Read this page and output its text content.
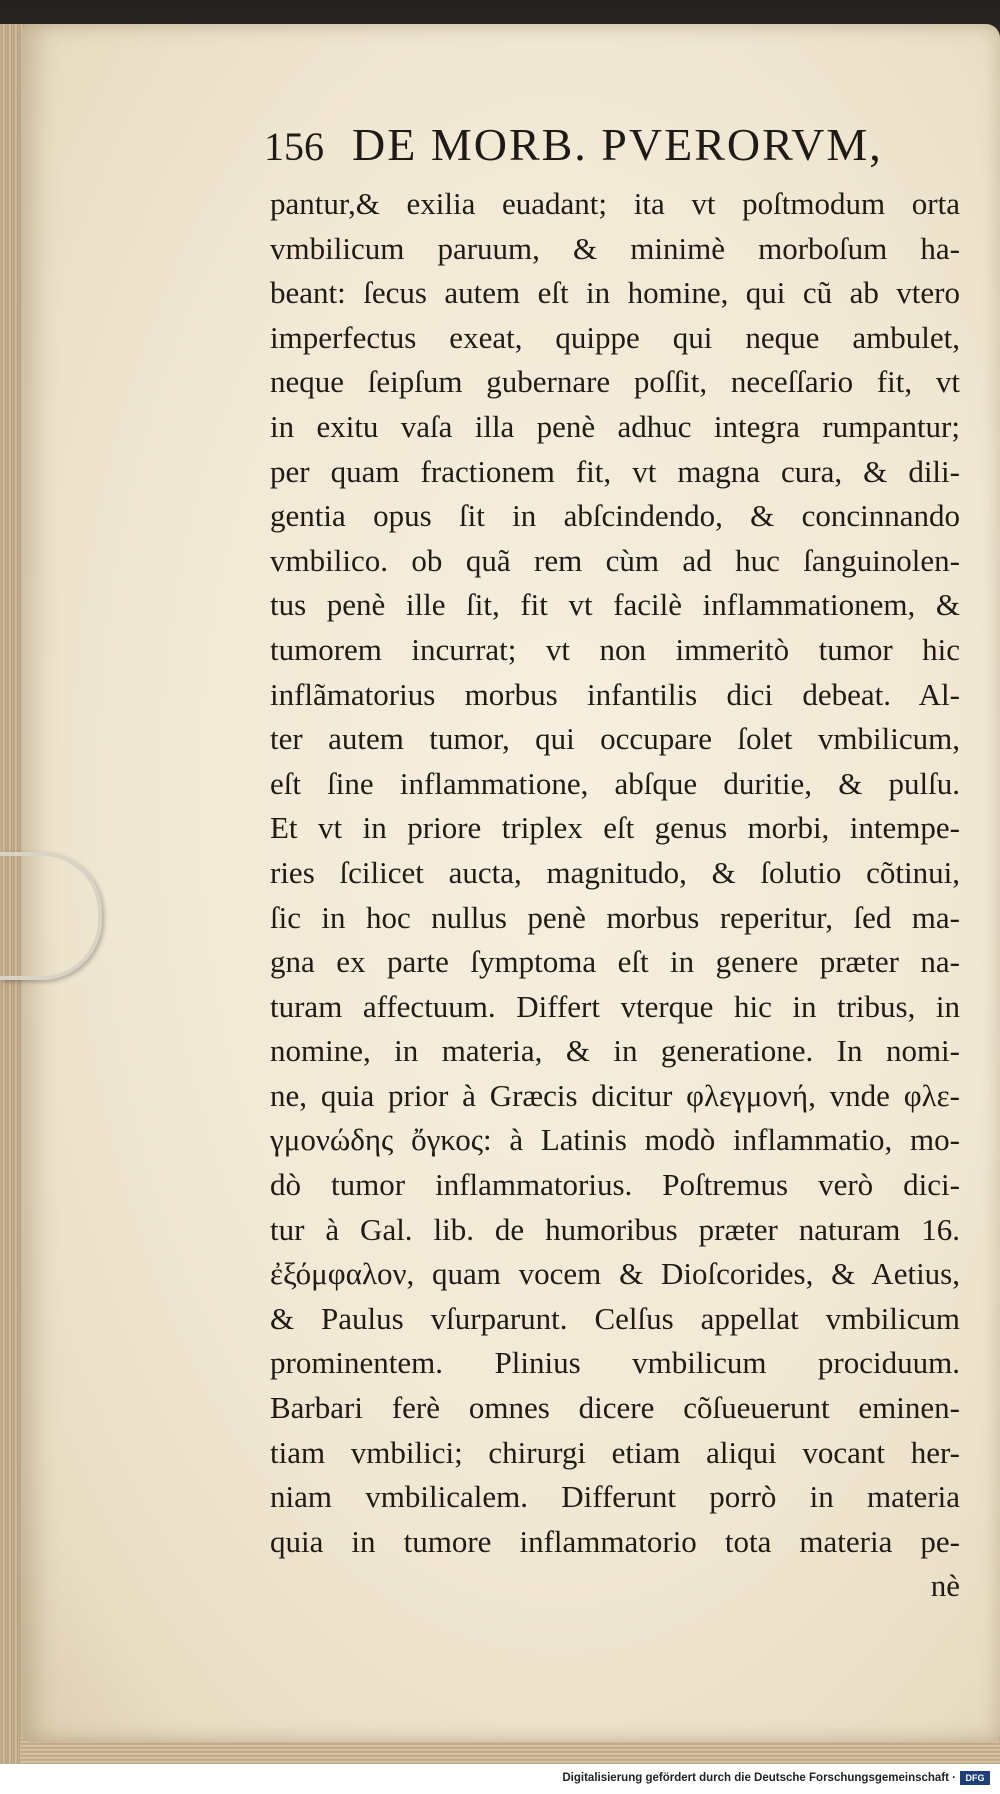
156 DE MORB. PVERORVM,
pantur,& exilia euadant; ita vt poſtmodum orta
vmbilicum paruum, & minimè morboſum ha-
beant: ſecus autem eſt in homine, qui cũ ab vtero
imperfectus exeat, quippe qui neque ambulet,
neque ſeipſum gubernare poſſit, neceſſario fit, vt
in exitu vaſa illa penè adhuc integra rumpantur;
per quam fractionem fit, vt magna cura, & dili-
gentia opus ſit in abſcindendo, & concinnando
vmbilico. ob quã rem cùm ad huc ſanguinolen-
tus penè ille ſit, fit vt facilè inflammationem, &
tumorem incurrat; vt non immeritò tumor hic
inflãmatorius morbus infantilis dici debeat. Al-
ter autem tumor, qui occupare ſolet vmbilicum,
eſt ſine inflammatione, abſque duritie, & pulſu.
Et vt in priore triplex eſt genus morbi, intempe-
ries ſcilicet aucta, magnitudo, & ſolutio cõtinui,
ſic in hoc nullus penè morbus reperitur, ſed ma-
gna ex parte ſymptoma eſt in genere præter na-
turam affectuum. Differt vterque hic in tribus, in
nomine, in materia, & in generatione. In nomi-
ne, quia prior à Græcis dicitur φλεγμονή, vnde φλε-
γμονώδης ὄγκος: à Latinis modò inflammatio, mo-
dò tumor inflammatorius. Poſtremus verò dici-
tur à Gal. lib. de humoribus præter naturam 16.
ἐξόμφαλον, quam vocem & Dioſcorides, & Aetius,
& Paulus vſurparunt. Celſus appellat vmbilicum
prominentem. Plinius vmbilicum prociduum.
Barbari ferè omnes dicere cõſueuerunt eminen-
tiam vmbilici; chirurgi etiam aliqui vocant her-
niam vmbilicalem. Differunt porrò in materia
quia in tumore inflammatorio tota materia pe-
nè
Digitalisierung gefördert durch die Deutsche Forschungsgemeinschaft ·	DFG
